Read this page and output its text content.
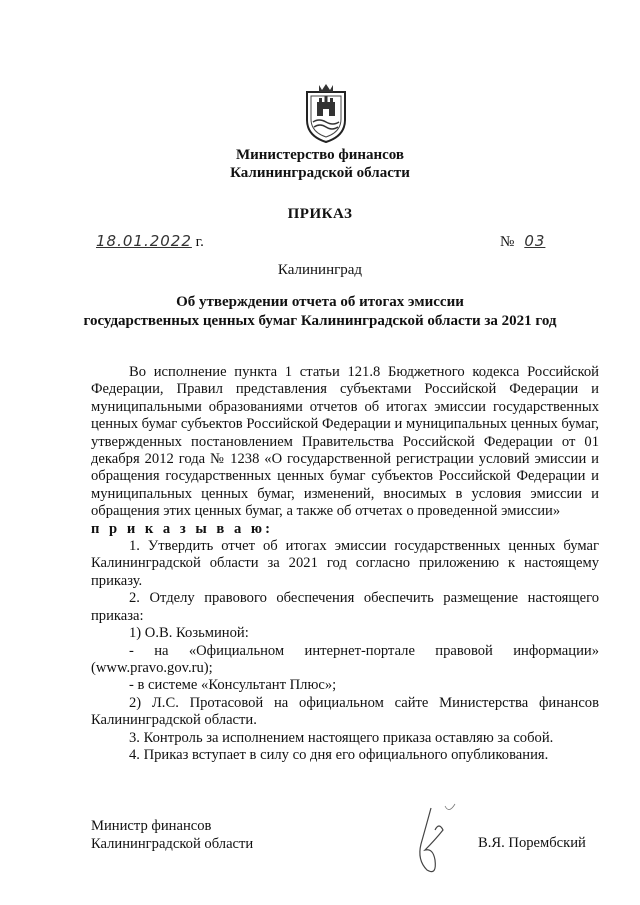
Министерство финансов
Калининградской области
ПРИКАЗ
18.01.2022 г.	№ 03
Калининград
Об утверждении отчета об итогах эмиссии
государственных ценных бумаг Калининградской области за 2021 год

Во исполнение пункта 1 статьи 121.8 Бюджетного кодекса Российской Федерации, Правил представления субъектами Российской Федерации и муниципальными образованиями отчетов об итогах эмиссии государственных ценных бумаг субъектов Российской Федерации и муниципальных ценных бумаг, утвержденных постановлением Правительства Российской Федерации от 01 декабря 2012 года № 1238 «О государственной регистрации условий эмиссии и обращения государственных ценных бумаг субъектов Российской Федерации и муниципальных ценных бумаг, изменений, вносимых в условия эмиссии и обращения этих ценных бумаг, а также об отчетах о проведенной эмиссии»

п р и к а з ы в а ю:

1. Утвердить отчет об итогах эмиссии государственных ценных бумаг Калининградской области за 2021 год согласно приложению к настоящему приказу.

2. Отделу правового обеспечения обеспечить размещение настоящего приказа:

1) О.В. Козьминой:

- на «Официальном интернет-портале правовой информации» (www.pravo.gov.ru);

- в системе «Консультант Плюс»;

2) Л.С. Протасовой на официальном сайте Министерства финансов Калининградской области.

3. Контроль за исполнением настоящего приказа оставляю за собой.

4. Приказ вступает в силу со дня его официального опубликования.

Министр финансов
Калининградской области	В.Я. Порембский
